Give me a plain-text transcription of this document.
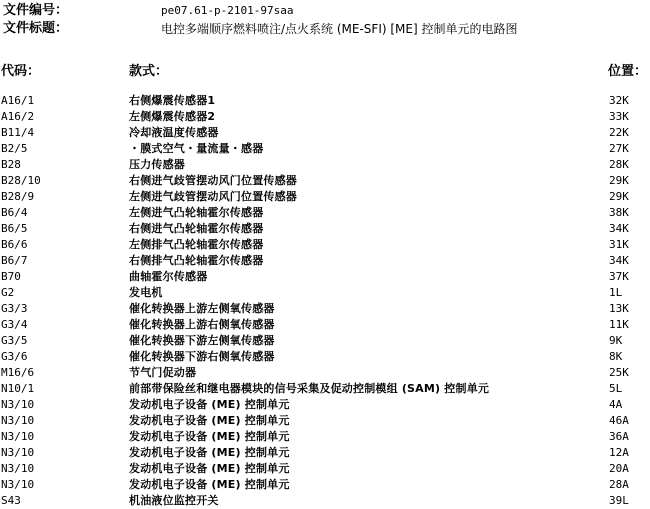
文件编号：	pe07.61-p-2101-97saa
文件标题：	电控多端顺序燃料喷注/点火系统 (ME-SFI) [ME] 控制单元的电路图
代码：	款式：	位置：
A16/1	右侧爆震传感器1	32K
A16/2	左侧爆震传感器2	33K
B11/4	冷却液温度传感器	22K
B2/5	・膜式空气・量流量・感器	27K
B28	压力传感器	28K
B28/10	右侧进气歧管摆动风门位置传感器	29K
B28/9	左侧进气歧管摆动风门位置传感器	29K
B6/4	左侧进气凸轮轴霍尔传感器	38K
B6/5	右侧进气凸轮轴霍尔传感器	34K
B6/6	左侧排气凸轮轴霍尔传感器	31K
B6/7	右侧排气凸轮轴霍尔传感器	34K
B70	曲轴霍尔传感器	37K
G2	发电机	1L
G3/3	催化转换器上游左侧氧传感器	13K
G3/4	催化转换器上游右侧氧传感器	11K
G3/5	催化转换器下游左侧氧传感器	9K
G3/6	催化转换器下游右侧氧传感器	8K
M16/6	节气门促动器	25K
N10/1	前部带保险丝和继电器模块的信号采集及促动控制模组 (SAM) 控制单元	5L
N3/10	发动机电子设备 (ME) 控制单元	4A
N3/10	发动机电子设备 (ME) 控制单元	46A
N3/10	发动机电子设备 (ME) 控制单元	36A
N3/10	发动机电子设备 (ME) 控制单元	12A
N3/10	发动机电子设备 (ME) 控制单元	20A
N3/10	发动机电子设备 (ME) 控制单元	28A
S43	机油液位监控开关	39L
